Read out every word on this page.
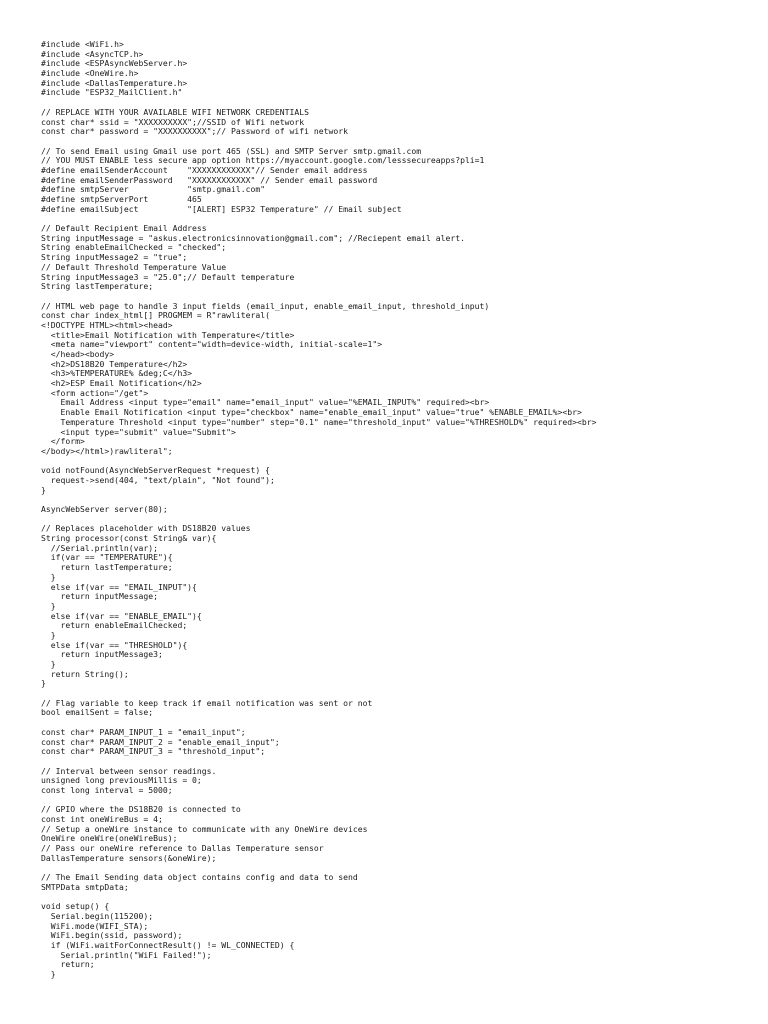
#include <WiFi.h>
#include <AsyncTCP.h>
#include <ESPAsyncWebServer.h>
#include <OneWire.h>
#include <DallasTemperature.h>
#include "ESP32_MailClient.h"

// REPLACE WITH YOUR AVAILABLE WIFI NETWORK CREDENTIALS
const char* ssid = "XXXXXXXXXX";//SSID of Wifi network
const char* password = "XXXXXXXXXX";// Password of wifi network

// To send Email using Gmail use port 465 (SSL) and SMTP Server smtp.gmail.com
// YOU MUST ENABLE less secure app option https://myaccount.google.com/lesssecureapps?pli=1
#define emailSenderAccount    "XXXXXXXXXXXX"// Sender email address
#define emailSenderPassword   "XXXXXXXXXXXX" // Sender email password
#define smtpServer            "smtp.gmail.com"
#define smtpServerPort        465
#define emailSubject          "[ALERT] ESP32 Temperature" // Email subject

// Default Recipient Email Address
String inputMessage = "askus.electronicsinnovation@gmail.com"; //Reciepent email alert.
String enableEmailChecked = "checked";
String inputMessage2 = "true";
// Default Threshold Temperature Value
String inputMessage3 = "25.0";// Default temperature
String lastTemperature;

// HTML web page to handle 3 input fields (email_input, enable_email_input, threshold_input)
const char index_html[] PROGMEM = R"rawliteral(
<!DOCTYPE HTML><html><head>
<title>Email Notification with Temperature</title>
<meta name="viewport" content="width=device-width, initial-scale=1">
</head><body>
<h2>DS18B20 Temperature</h2>
<h3>%TEMPERATURE% &deg;C</h3>
<h2>ESP Email Notification</h2>
<form action="/get">
Email Address <input type="email" name="email_input" value="%EMAIL_INPUT%" required><br>
Enable Email Notification <input type="checkbox" name="enable_email_input" value="true" %ENABLE_EMAIL%><br>
Temperature Threshold <input type="number" step="0.1" name="threshold_input" value="%THRESHOLD%" required><br>
<input type="submit" value="Submit">
</form>
</body></html>)rawliteral";

void notFound(AsyncWebServerRequest *request) {
request->send(404, "text/plain", "Not found");
}

AsyncWebServer server(80);

// Replaces placeholder with DS18B20 values
String processor(const String& var){
//Serial.println(var);
if(var == "TEMPERATURE"){
return lastTemperature;
}
else if(var == "EMAIL_INPUT"){
return inputMessage;
}
else if(var == "ENABLE_EMAIL"){
return enableEmailChecked;
}
else if(var == "THRESHOLD"){
return inputMessage3;
}
return String();
}

// Flag variable to keep track if email notification was sent or not
bool emailSent = false;

const char* PARAM_INPUT_1 = "email_input";
const char* PARAM_INPUT_2 = "enable_email_input";
const char* PARAM_INPUT_3 = "threshold_input";

// Interval between sensor readings.
unsigned long previousMillis = 0;
const long interval = 5000;

// GPIO where the DS18B20 is connected to
const int oneWireBus = 4;
// Setup a oneWire instance to communicate with any OneWire devices
OneWire oneWire(oneWireBus);
// Pass our oneWire reference to Dallas Temperature sensor
DallasTemperature sensors(&oneWire);

// The Email Sending data object contains config and data to send
SMTPData smtpData;

void setup() {
Serial.begin(115200);
WiFi.mode(WIFI_STA);
WiFi.begin(ssid, password);
if (WiFi.waitForConnectResult() != WL_CONNECTED) {
Serial.println("WiFi Failed!");
return;
}
